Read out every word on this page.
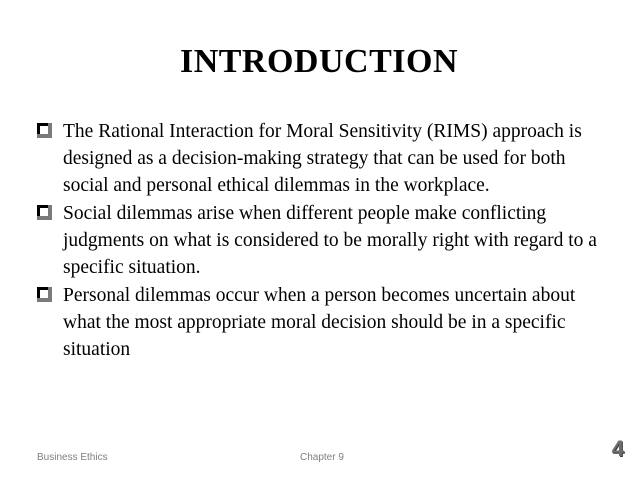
INTRODUCTION
The Rational Interaction for Moral Sensitivity (RIMS) approach is designed as a decision-making strategy that can be used for both social and personal ethical dilemmas in the workplace.
Social dilemmas arise when different people make conflicting judgments on what is considered to be morally right with regard to a specific situation.
Personal dilemmas occur when a person becomes uncertain about what the most appropriate moral decision should be in a specific situation
Business Ethics	Chapter 9	4
